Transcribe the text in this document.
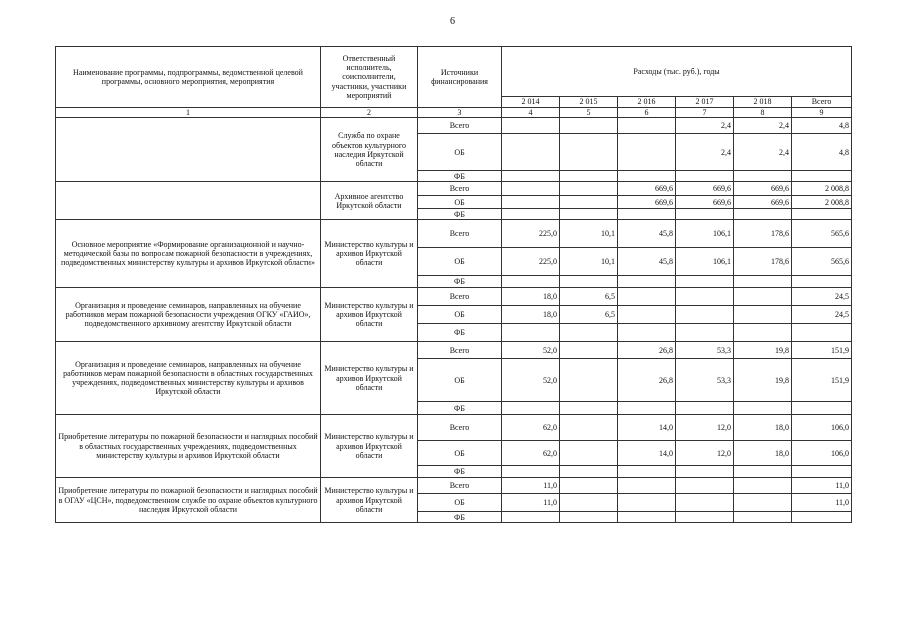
6
Наименование программы, подпрограммы, ведомственной целевой программы, основного мероприятия, мероприятия	Ответственный исполнитель, соисполнители, участники, участники мероприятий	Источники финансирования	Расходы (тыс. руб.), годы					
			2 014	2 015	2 016	2 017	2 018	Всего
1	2	3	4	5	6	7	8	9
	Служба по охране объектов культурного наследия Иркутской области	Всего				2,4	2,4	4,8
		ОБ				2,4	2,4	4,8
		ФБ						
	Архивное агентство Иркутской области	Всего			669,6	669,6	669,6	2 008,8
		ОБ			669,6	669,6	669,6	2 008,8
		ФБ						
Основное мероприятие «Формирование организационной и научно-методической базы по вопросам пожарной безопасности в учреждениях, подведомственных министерству культуры и архивов Иркутской области»	Министерство культуры и архивов Иркутской области	Всего	225,0	10,1	45,8	106,1	178,6	565,6
		ОБ	225,0	10,1	45,8	106,1	178,6	565,6
		ФБ						
Организация и проведение семинаров, направленных на обучение работников мерам пожарной безопасности учреждения ОГКУ «ГАИО», подведомственного архивному агентству Иркутской области	Министерство культуры и архивов Иркутской области	Всего	18,0	6,5				24,5
		ОБ	18,0	6,5				24,5
		ФБ						
Организация и проведение семинаров, направленных на обучение работников мерам пожарной безопасности в областных государственных учреждениях, подведомственных министерству культуры и архивов Иркутской области	Министерство культуры и архивов Иркутской области	Всего	52,0		26,8	53,3	19,8	151,9
		ОБ	52,0		26,8	53,3	19,8	151,9
		ФБ						
Приобретение литературы по пожарной безопасности и наглядных пособий в областных государственных учреждениях, подведомственных министерству культуры и архивов Иркутской области	Министерство культуры и архивов Иркутской области	Всего	62,0		14,0	12,0	18,0	106,0
		ОБ	62,0		14,0	12,0	18,0	106,0
		ФБ						
Приобретение литературы по пожарной безопасности и наглядных пособий в ОГАУ «ЦСН», подведомственном службе по охране объектов культурного наследия Иркутской области	Министерство культуры и архивов Иркутской области	Всего	11,0					11,0
		ОБ	11,0					11,0
		ФБ						
